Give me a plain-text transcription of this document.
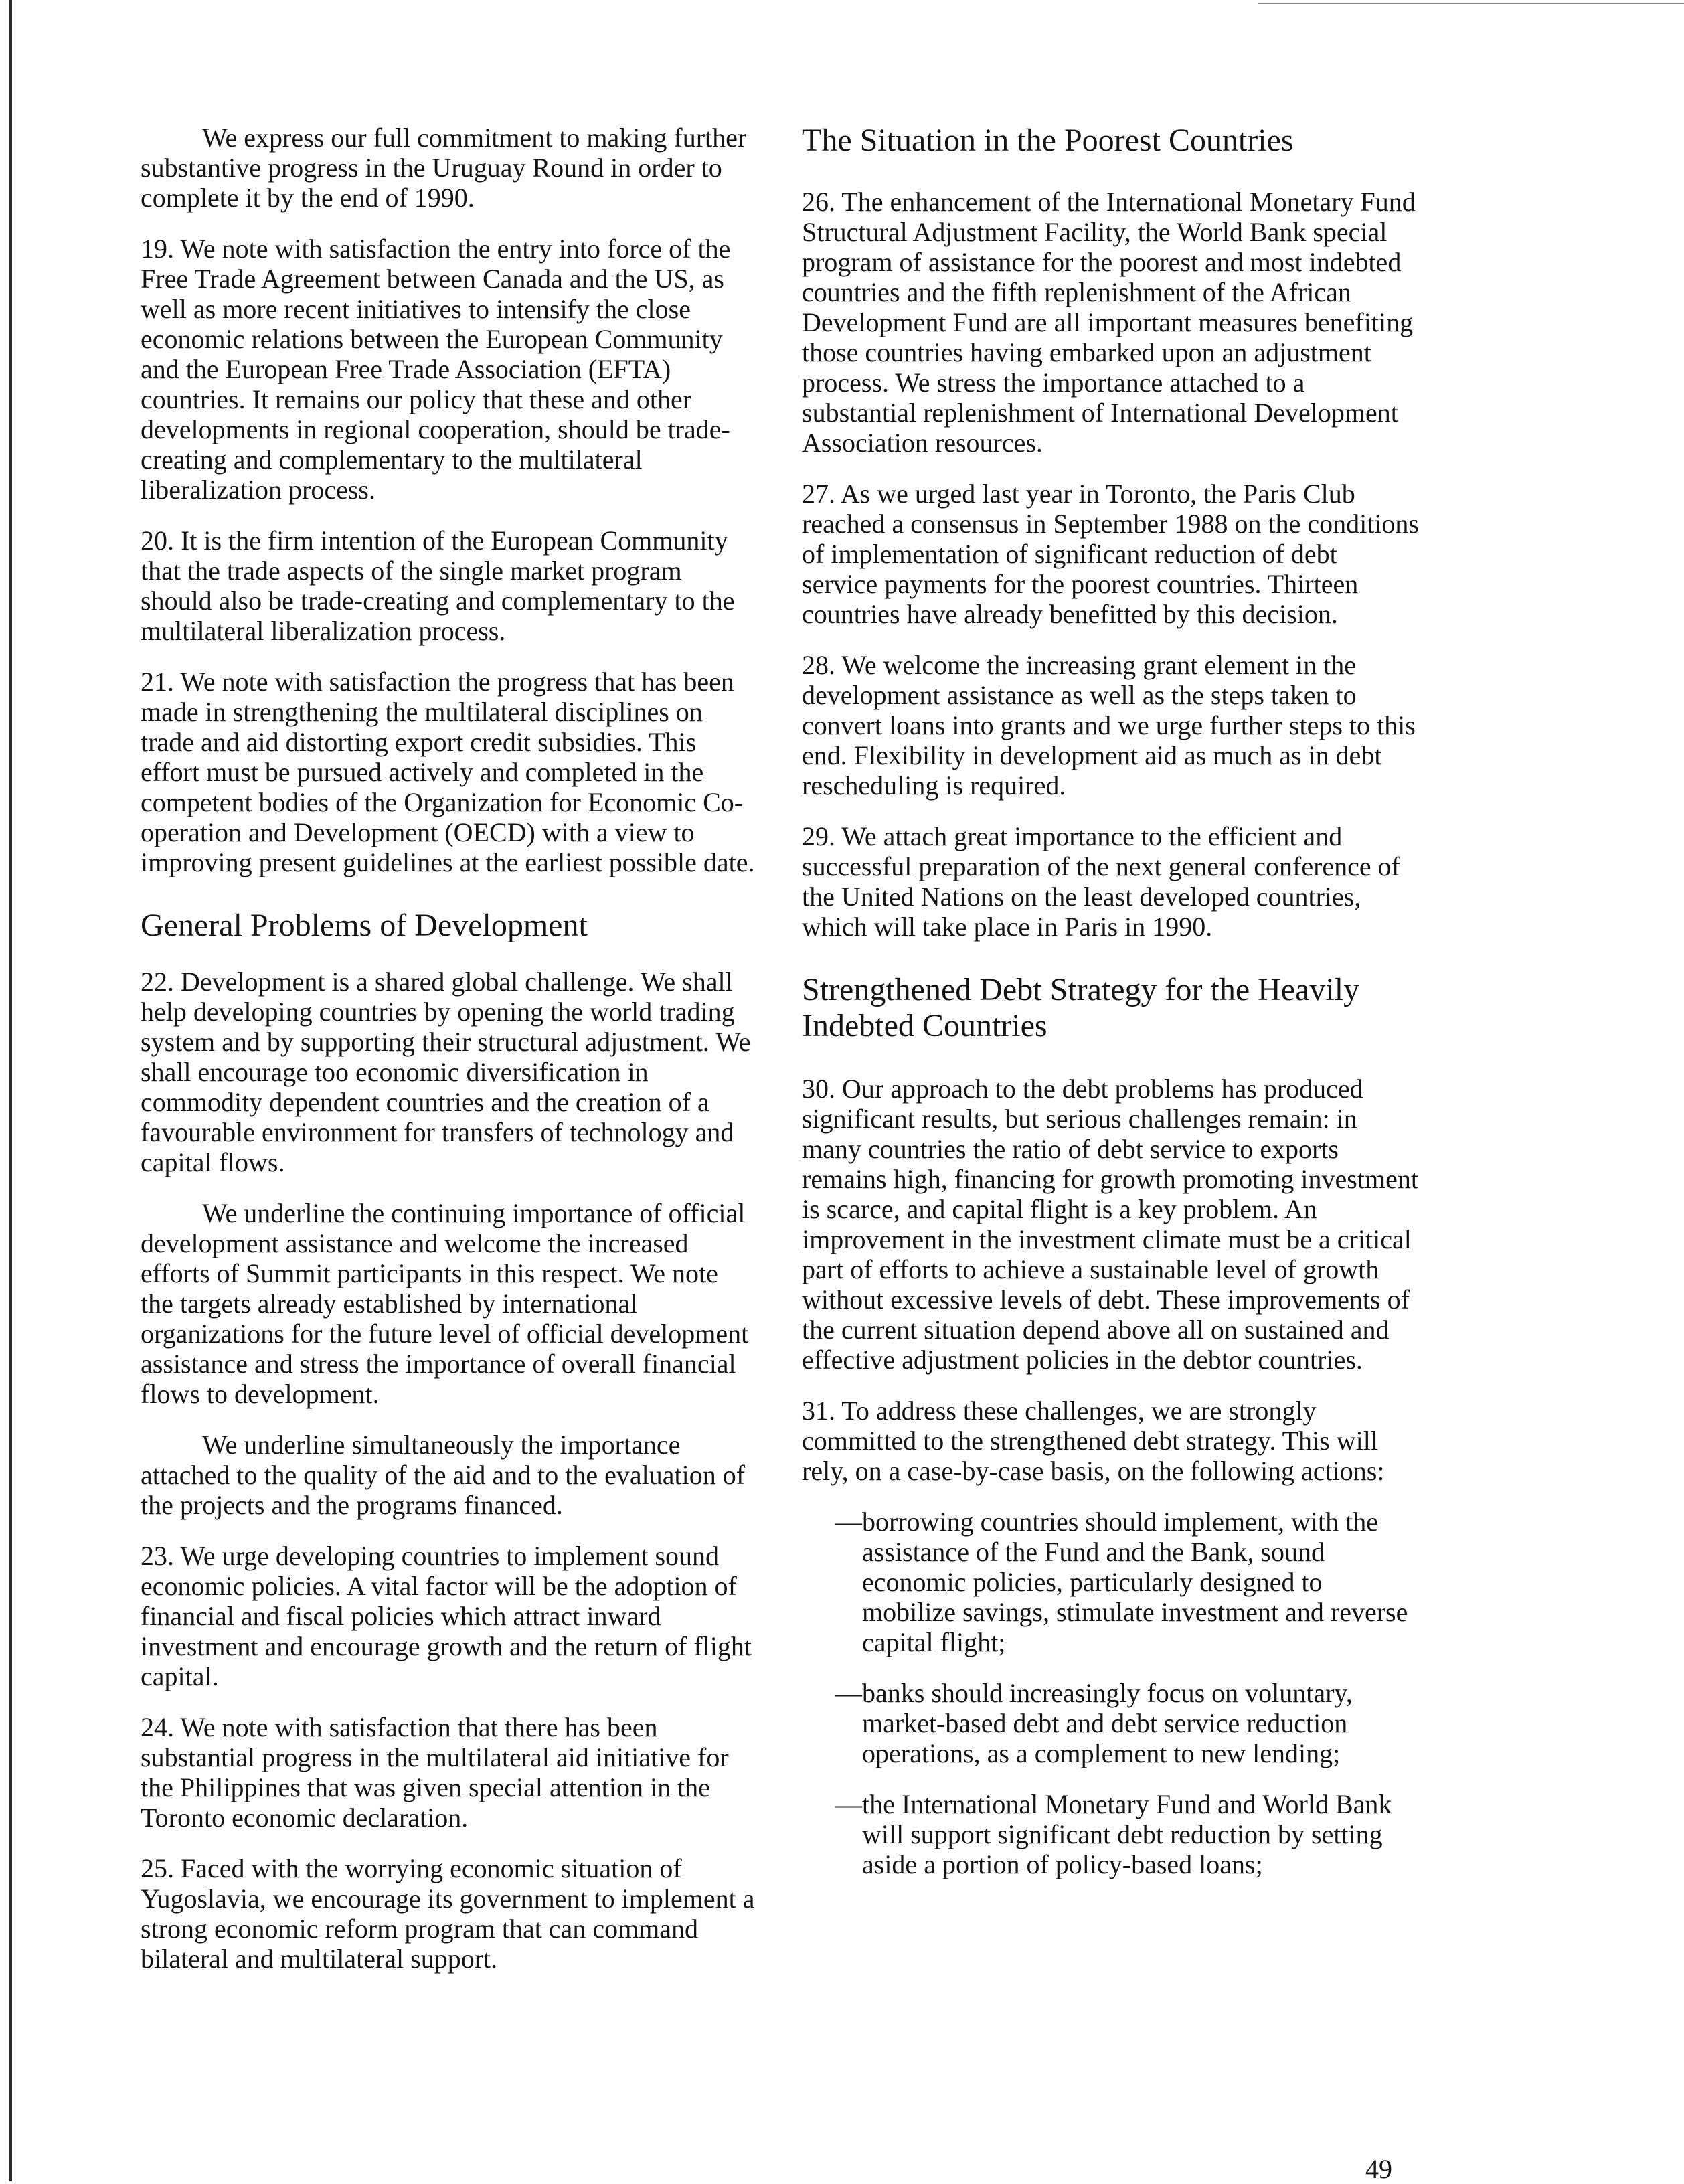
We express our full commitment to making further substantive progress in the Uruguay Round in order to complete it by the end of 1990.

19. We note with satisfaction the entry into force of the Free Trade Agreement between Canada and the US, as well as more recent initiatives to intensify the close economic relations between the European Community and the European Free Trade Association (EFTA) countries. It remains our policy that these and other developments in regional cooperation, should be trade-creating and complementary to the multilateral liberalization process.

20. It is the firm intention of the European Community that the trade aspects of the single market program should also be trade-creating and complementary to the multilateral liberalization process.

21. We note with satisfaction the progress that has been made in strengthening the multilateral disciplines on trade and aid distorting export credit subsidies. This effort must be pursued actively and completed in the competent bodies of the Organization for Economic Co-operation and Development (OECD) with a view to improving present guidelines at the earliest possible date.

General Problems of Development

22. Development is a shared global challenge. We shall help developing countries by opening the world trading system and by supporting their structural adjustment. We shall encourage too economic diversification in commodity dependent countries and the creation of a favourable environment for transfers of technology and capital flows.

We underline the continuing importance of official development assistance and welcome the increased efforts of Summit participants in this respect. We note the targets already established by international organizations for the future level of official development assistance and stress the importance of overall financial flows to development.

We underline simultaneously the importance attached to the quality of the aid and to the evaluation of the projects and the programs financed.

23. We urge developing countries to implement sound economic policies. A vital factor will be the adoption of financial and fiscal policies which attract inward investment and encourage growth and the return of flight capital.

24. We note with satisfaction that there has been substantial progress in the multilateral aid initiative for the Philippines that was given special attention in the Toronto economic declaration.

25. Faced with the worrying economic situation of Yugoslavia, we encourage its government to implement a strong economic reform program that can command bilateral and multilateral support.

The Situation in the Poorest Countries

26. The enhancement of the International Monetary Fund Structural Adjustment Facility, the World Bank special program of assistance for the poorest and most indebted countries and the fifth replenishment of the African Development Fund are all important measures benefiting those countries having embarked upon an adjustment process. We stress the importance attached to a substantial replenishment of International Development Association resources.

27. As we urged last year in Toronto, the Paris Club reached a consensus in September 1988 on the conditions of implementation of significant reduction of debt service payments for the poorest countries. Thirteen countries have already benefitted by this decision.

28. We welcome the increasing grant element in the development assistance as well as the steps taken to convert loans into grants and we urge further steps to this end. Flexibility in development aid as much as in debt rescheduling is required.

29. We attach great importance to the efficient and successful preparation of the next general conference of the United Nations on the least developed countries, which will take place in Paris in 1990.

Strengthened Debt Strategy for the Heavily Indebted Countries

30. Our approach to the debt problems has produced significant results, but serious challenges remain: in many countries the ratio of debt service to exports remains high, financing for growth promoting investment is scarce, and capital flight is a key problem. An improvement in the investment climate must be a critical part of efforts to achieve a sustainable level of growth without excessive levels of debt. These improvements of the current situation depend above all on sustained and effective adjustment policies in the debtor countries.

31. To address these challenges, we are strongly committed to the strengthened debt strategy. This will rely, on a case-by-case basis, on the following actions:

—borrowing countries should implement, with the assistance of the Fund and the Bank, sound economic policies, particularly designed to mobilize savings, stimulate investment and reverse capital flight;
—banks should increasingly focus on voluntary, market-based debt and debt service reduction operations, as a complement to new lending;
—the International Monetary Fund and World Bank will support significant debt reduction by setting aside a portion of policy-based loans;
49
